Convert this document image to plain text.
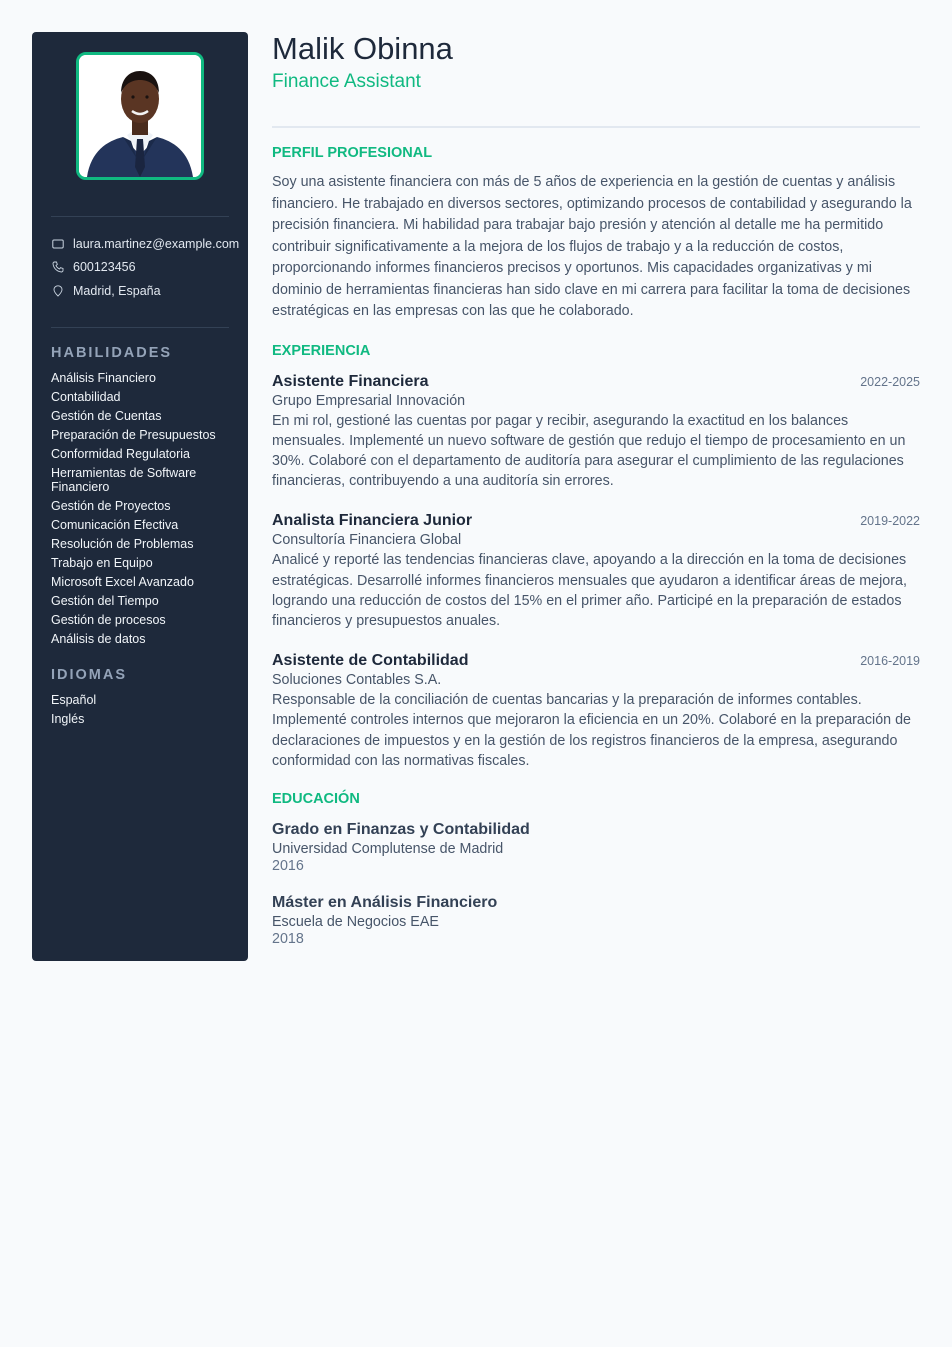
laura.martinez@example.com
600123456
Madrid, España
HABILIDADES
Análisis Financiero
Contabilidad
Gestión de Cuentas
Preparación de Presupuestos
Conformidad Regulatoria
Herramientas de Software Financiero
Gestión de Proyectos
Comunicación Efectiva
Resolución de Problemas
Trabajo en Equipo
Microsoft Excel Avanzado
Gestión del Tiempo
Gestión de procesos
Análisis de datos
IDIOMAS
Español
Inglés
Malik Obinna
Finance Assistant
PERFIL PROFESIONAL

Soy una asistente financiera con más de 5 años de experiencia en la gestión de cuentas y análisis financiero. He trabajado en diversos sectores, optimizando procesos de contabilidad y asegurando la precisión financiera. Mi habilidad para trabajar bajo presión y atención al detalle me ha permitido contribuir significativamente a la mejora de los flujos de trabajo y a la reducción de costos, proporcionando informes financieros precisos y oportunos. Mis capacidades organizativas y mi dominio de herramientas financieras han sido clave en mi carrera para facilitar la toma de decisiones estratégicas en las empresas con las que he colaborado.

EXPERIENCIA
Asistente Financiera	2022-2025
Grupo Empresarial Innovación

En mi rol, gestioné las cuentas por pagar y recibir, asegurando la exactitud en los balances mensuales. Implementé un nuevo software de gestión que redujo el tiempo de procesamiento en un 30%. Colaboré con el departamento de auditoría para asegurar el cumplimiento de las regulaciones financieras, contribuyendo a una auditoría sin errores.

Analista Financiera Junior	2019-2022
Consultoría Financiera Global

Analicé y reporté las tendencias financieras clave, apoyando a la dirección en la toma de decisiones estratégicas. Desarrollé informes financieros mensuales que ayudaron a identificar áreas de mejora, logrando una reducción de costos del 15% en el primer año. Participé en la preparación de estados financieros y presupuestos anuales.

Asistente de Contabilidad	2016-2019
Soluciones Contables S.A.

Responsable de la conciliación de cuentas bancarias y la preparación de informes contables. Implementé controles internos que mejoraron la eficiencia en un 20%. Colaboré en la preparación de declaraciones de impuestos y en la gestión de los registros financieros de la empresa, asegurando conformidad con las normativas fiscales.

EDUCACIÓN
Grado en Finanzas y Contabilidad
Universidad Complutense de Madrid
2016
Máster en Análisis Financiero
Escuela de Negocios EAE
2018
